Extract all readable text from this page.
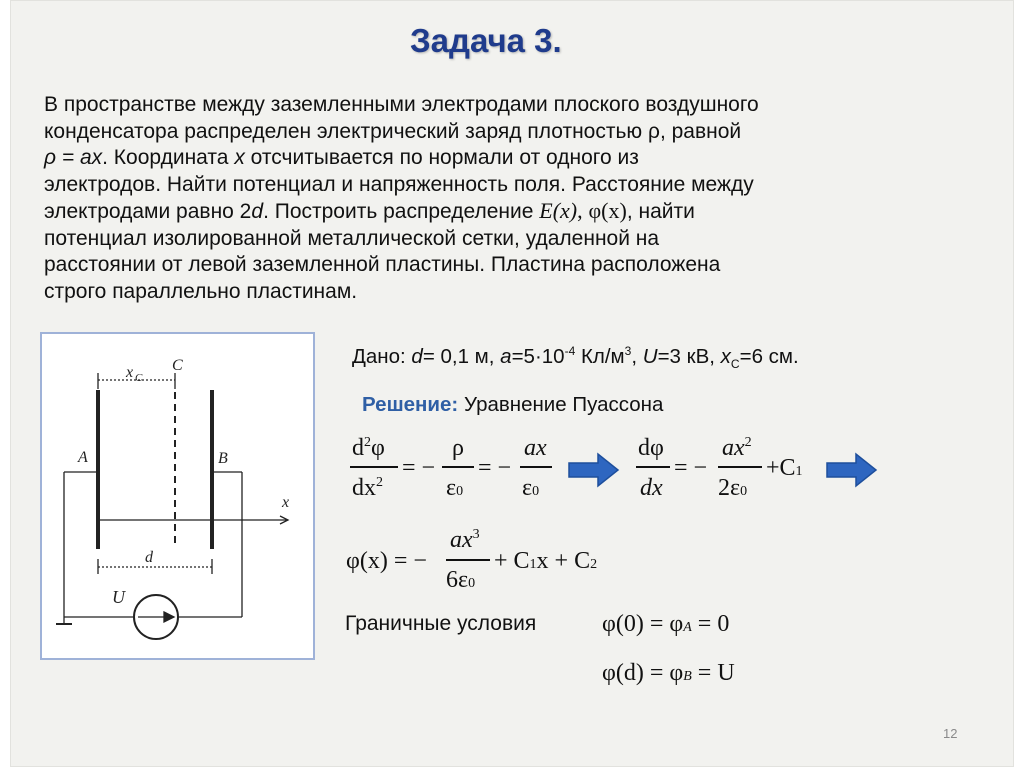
Задача 3.
В пространстве между заземленными электродами плоского воздушного
конденсатора распределен электрический заряд плотностью ρ, равной
ρ = ax. Координата x отсчитывается по нормали от одного из
электродов. Найти потенциал и напряженность поля. Расстояние между
электродами равно 2d. Построить распределение E(x), φ(x), найти
потенциал изолированной металлической сетки, удаленной на
расстоянии от левой заземленной пластины. Пластина расположена
строго параллельно пластинам.
x C
C
A	B
x
d
U
Дано: d= 0,1 м, $a=5\cdot 10^{-4}$ $Кл/м^3$, U=3 кВ, $x_C=6$ см.
Решение: Уравнение Пуассона
$d^2\varphi$
$dx^2$
= −
ρ
ε0
= −
ax
ε0
dφ
dx
= −
$ax^2$
2ε0
+C1
φ(x) = −
$ax^3$
6ε0
+ C1x + C2
Граничные условия	φ(0) = φA = 0
φ(d) = φB = U
12
